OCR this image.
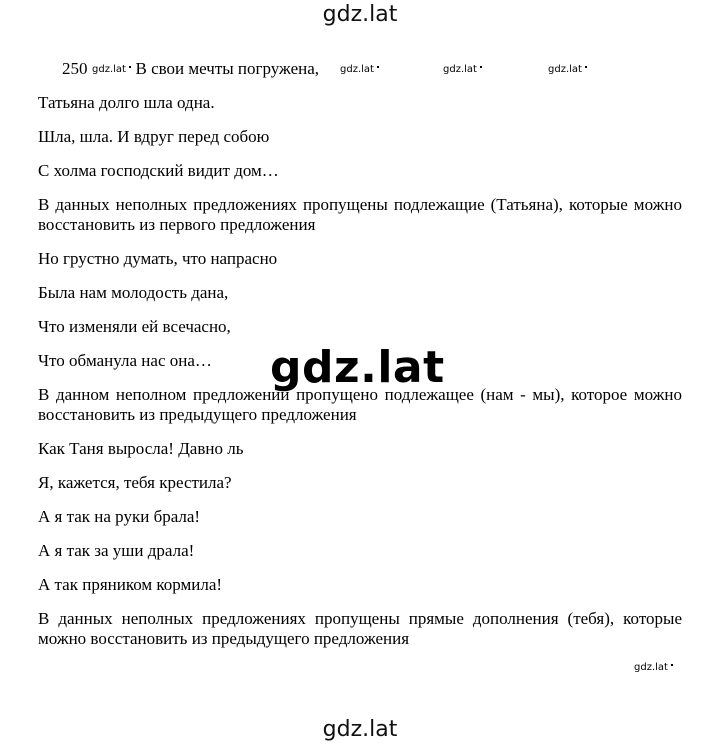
gdz.lat
250	В свои мечты погружена,
Татьяна долго шла одна.
Шла, шла. И вдруг перед собою
С холма господский видит дом…
В данных неполных предложениях пропущены подлежащие (Татьяна), которые можно восстановить из первого предложения
Но грустно думать, что напрасно
Была нам молодость дана,
Что изменяли ей всечасно,
Что обманула нас она…
В данном неполном предложении пропущено подлежащее (нам - мы), которое можно восстановить из предыдущего предложения
Как Таня выросла! Давно ль
Я, кажется, тебя крестила?
А я так на руки брала!
А я так за уши драла!
А так пряником кормила!
В данных неполных предложениях пропущены прямые дополнения (тебя), которые можно восстановить из предыдущего предложения
gdz.lat	gdz.lat	gdz.lat	gdz.lat
gdz.lat
gdz.lat
gdz.lat
